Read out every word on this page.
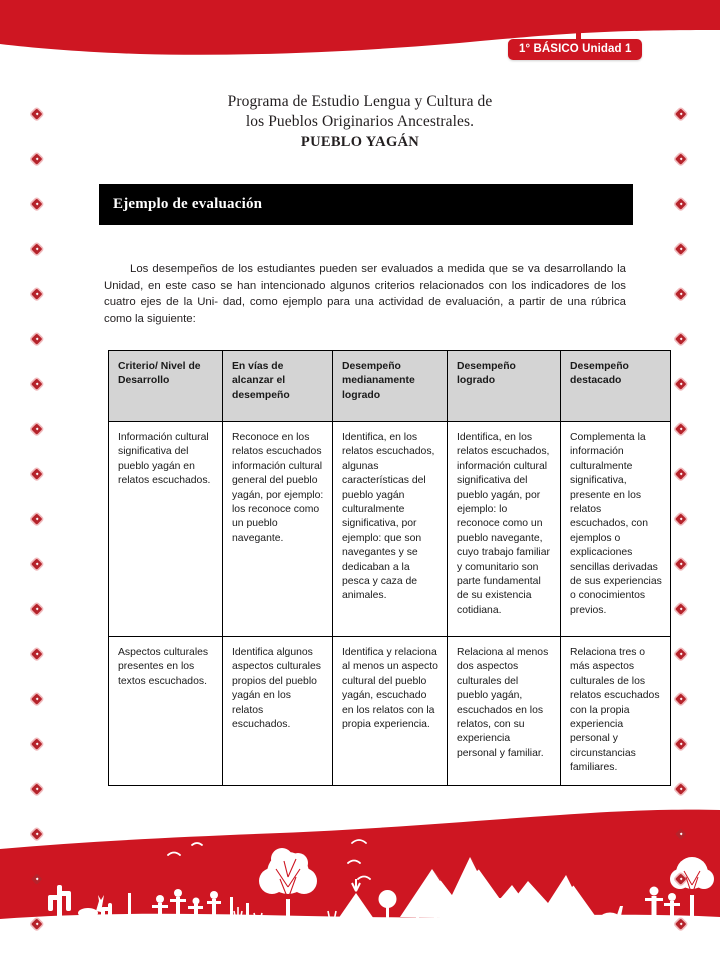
1° BÁSICO Unidad 1
Programa de Estudio Lengua y Cultura de
los Pueblos Originarios Ancestrales.
PUEBLO YAGÁN
Ejemplo de evaluación
Los desempeños de los estudiantes pueden ser evaluados a medida que se va desarrollando la Unidad, en este caso se han intencionado algunos criterios relacionados con los indicadores de los cuatro ejes de la Uni- dad, como ejemplo para una actividad de evaluación, a partir de una rúbrica como la siguiente:
Criterio/ Nivel de Desarrollo	En vías de alcanzar el desempeño	Desempeño medianamente logrado	Desempeño logrado	Desempeño destacado
Información cultural significativa del pueblo yagán en relatos escuchados.	Reconoce en los relatos escuchados información cultural general del pueblo yagán, por ejemplo: los reconoce como un pueblo navegante.	Identifica, en los relatos escuchados, algunas características del pueblo yagán culturalmente significativa, por ejemplo: que son navegantes y se dedicaban a la pesca y caza de animales.	Identifica, en los relatos escuchados, información cultural significativa del pueblo yagán, por ejemplo: lo reconoce como un pueblo navegante, cuyo trabajo familiar y comunitario son parte fundamental de su existencia cotidiana.	Complementa la información culturalmente significativa, presente en los relatos escuchados, con ejemplos o explicaciones sencillas derivadas de sus experiencias o conocimientos previos.
Aspectos culturales presentes en los textos escuchados.	Identifica algunos aspectos culturales propios del pueblo yagán en los relatos escuchados.	Identifica y relaciona al menos un aspecto cultural del pueblo yagán, escuchado en los relatos con la propia experiencia.	Relaciona al menos dos aspectos culturales del pueblo yagán, escuchados en los relatos, con su experiencia personal y familiar.	Relaciona tres o más aspectos culturales de los relatos escuchados con la propia experiencia personal y circunstancias familiares.
